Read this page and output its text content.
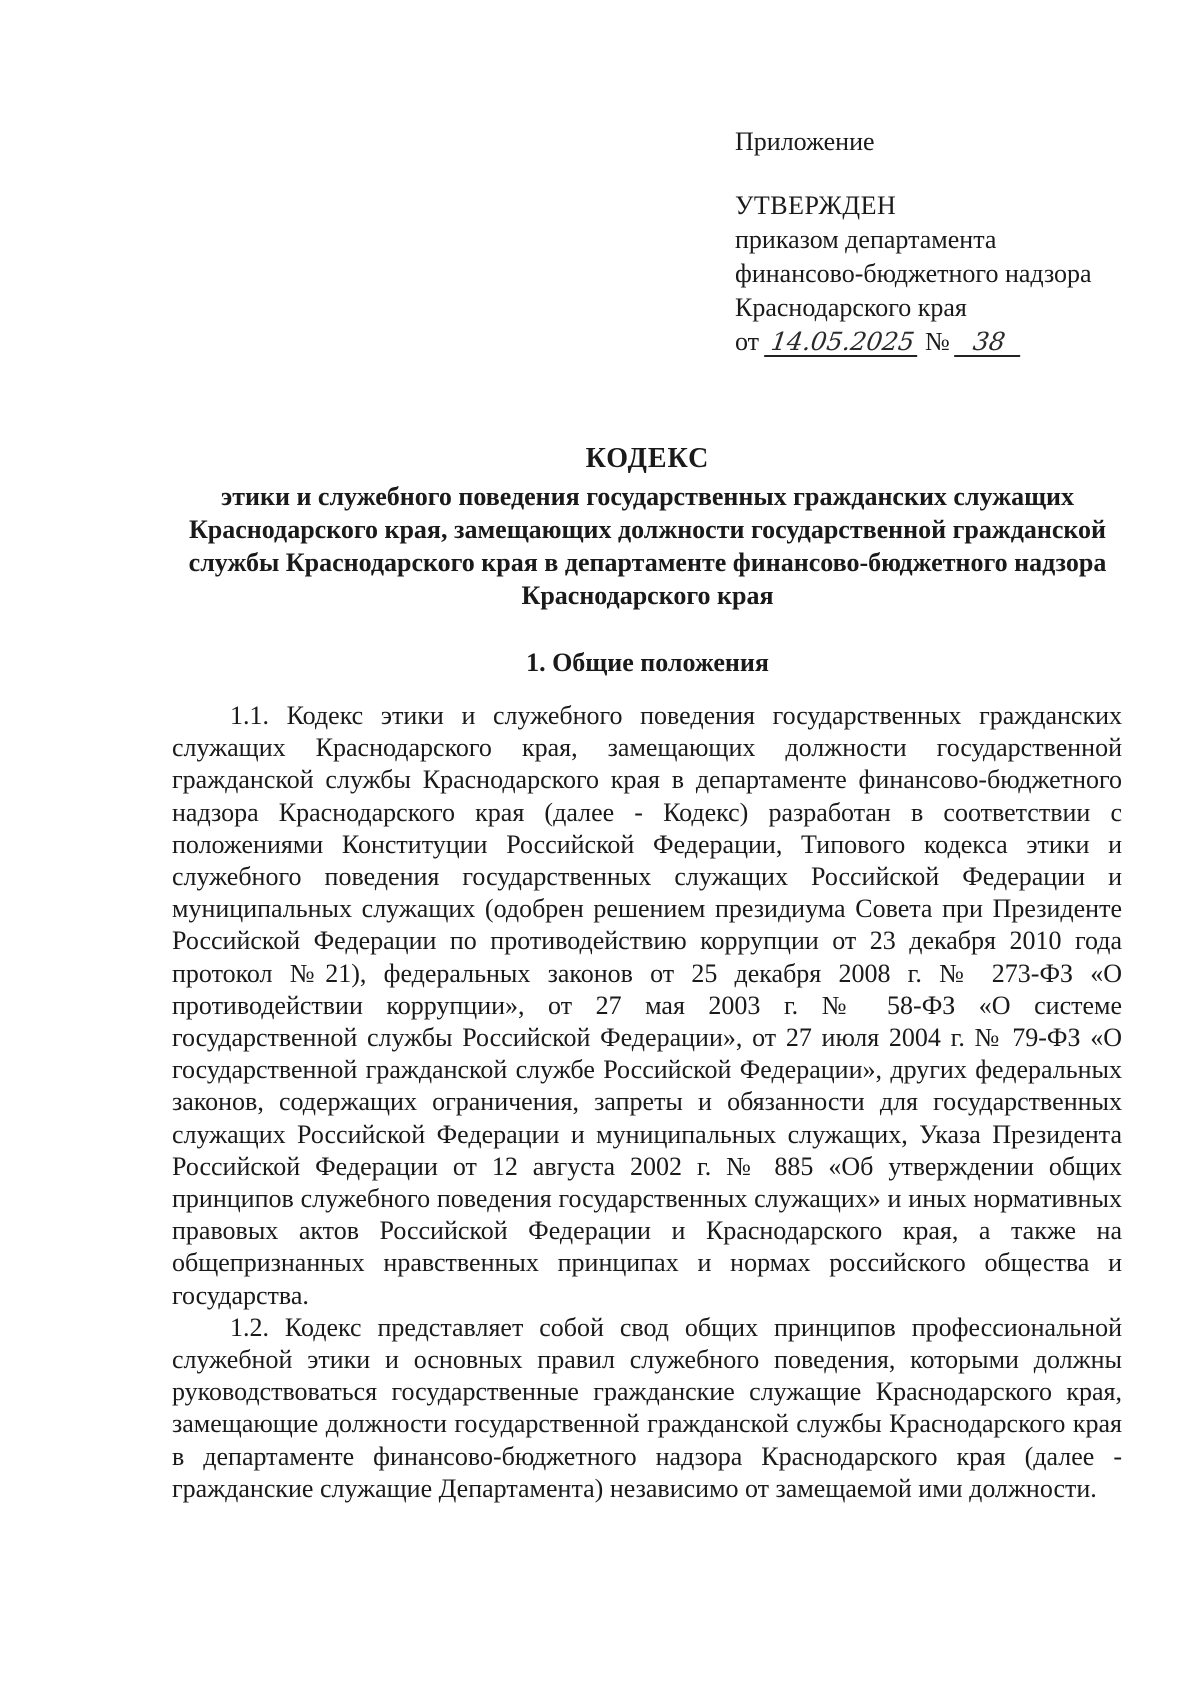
Приложение
УТВЕРЖДЕН
приказом департамента
финансово-бюджетного надзора
Краснодарского края
от 14.05.2025 № 38
КОДЕКС
этики и служебного поведения государственных гражданских служащих Краснодарского края, замещающих должности государственной гражданской службы Краснодарского края в департаменте финансово-бюджетного надзора Краснодарского края
1. Общие положения

1.1. Кодекс этики и служебного поведения государственных гражданских служащих Краснодарского края, замещающих должности государственной гражданской службы Краснодарского края в департаменте финансово-бюджетного надзора Краснодарского края (далее - Кодекс) разработан в соответствии с положениями Конституции Российской Федерации, Типового кодекса этики и служебного поведения государственных служащих Российской Федерации и муниципальных служащих (одобрен решением президиума Совета при Президенте Российской Федерации по противодействию коррупции от 23 декабря 2010 года протокол №21), федеральных законов от 25 декабря 2008 г. № 273-ФЗ «О противодействии коррупции», от 27 мая 2003 г. № 58-ФЗ «О системе государственной службы Российской Федерации», от 27 июля 2004 г. № 79-ФЗ «О государственной гражданской службе Российской Федерации», других федеральных законов, содержащих ограничения, запреты и обязанности для государственных служащих Российской Федерации и муниципальных служащих, Указа Президента Российской Федерации от 12 августа 2002 г. № 885 «Об утверждении общих принципов служебного поведения государственных служащих» и иных нормативных правовых актов Российской Федерации и Краснодарского края, а также на общепризнанных нравственных принципах и нормах российского общества и государства.

1.2. Кодекс представляет собой свод общих принципов профессиональной служебной этики и основных правил служебного поведения, которыми должны руководствоваться государственные гражданские служащие Краснодарского края, замещающие должности государственной гражданской службы Краснодарского края в департаменте финансово-бюджетного надзора Краснодарского края (далее - гражданские служащие Департамента) независимо от замещаемой ими должности.
